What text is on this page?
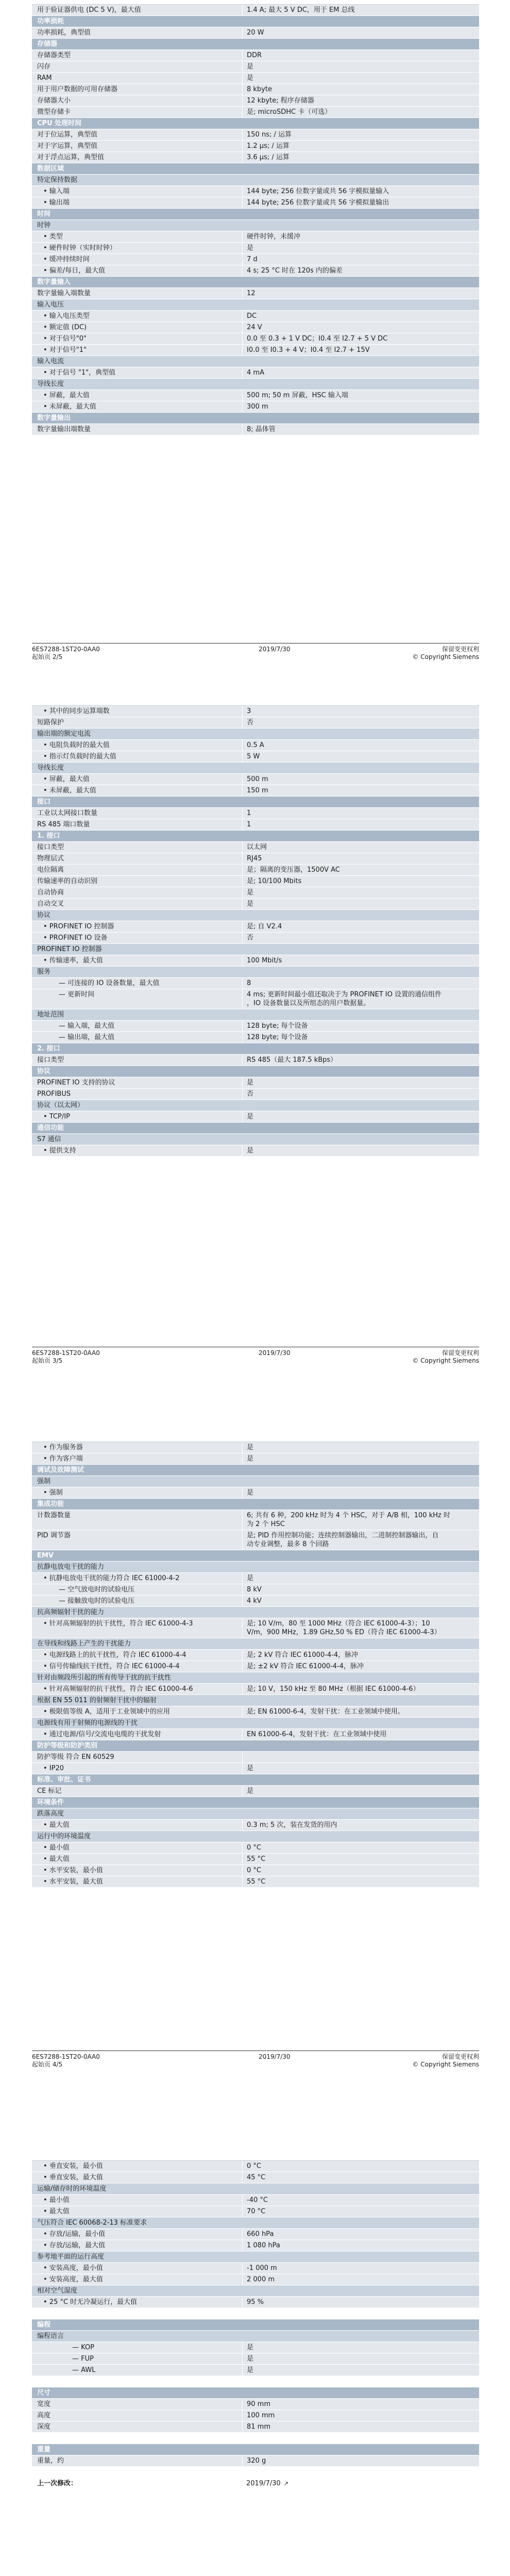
用于验证器供电 (DC 5 V)，最大值	1.4 A; 最大 5 V DC，用于 EM 总线
功率损耗
功率损耗，典型值	20 W
存储器
存储器类型	DDR
闪存	是
RAM	是
用于用户数据的可用存储器	8 kbyte
存储器大小	12 kbyte; 程序存储器
微型存储卡	是; microSDHC 卡（可选）
CPU 处理时间
对于位运算，典型值	150 ns; / 运算
对于字运算，典型值	1.2 µs; / 运算
对于浮点运算，典型值	3.6 µs; / 运算
数据区域
特定保持数据
• 输入端	144 byte; 256 位数字量或共 56 字模拟量输入
• 输出端	144 byte; 256 位数字量或共 56 字模拟量输出
时间
时钟
• 类型	硬件时钟，未缓冲
• 硬件时钟（实时时钟）	是
• 缓冲持续时间	7 d
• 偏差/每日，最大值	4 s; 25 °C 时在 120s 内的偏差
数字量输入
数字量输入端数量	12
输入电压
• 输入电压类型	DC
• 额定值 (DC)	24 V
• 对于信号"0"	0.0 至 0.3 + 1 V DC；I0.4 至 I2.7 + 5 V DC
• 对于信号"1"	I0.0 至 I0.3 + 4 V；I0.4 至 I2.7 + 15V
输入电流
• 对于信号 "1"，典型值	4 mA
导线长度
• 屏蔽，最大值	500 m; 50 m 屏蔽，HSC 输入端
• 未屏蔽，最大值	300 m
数字量输出
数字量输出端数量	8; 晶体管
6ES7288-1ST20-0AA0
起始页 2/5
2019/7/30	保留变更权利
© Copyright Siemens
• 其中的同步运算端数	3
短路保护	否
输出端的额定电流
• 电阻负载时的最大值	0.5 A
• 指示灯负载时的最大值	5 W
导线长度
• 屏蔽，最大值	500 m
• 未屏蔽，最大值	150 m
接口
工业以太网接口数量	1
RS 485 端口数量	1
1. 接口
接口类型	以太网
物理层式	RJ45
电位隔离	是；隔离的变压器，1500V AC
传输速率的自动识别	是; 10/100 Mbits
自动协商	是
自动交叉	是
协议
• PROFINET IO 控制器	是; 自 V2.4
• PROFINET IO 设备	否
PROFINET IO 控制器
• 传输速率，最大值	100 Mbit/s
服务
— 可连接的 IO 设备数量，最大值	8
— 更新时间	4 ms; 更新时间最小值还取决于为 PROFINET IO 设置的通信组件
，IO 设备数量以及所组态的用户数据量。
地址范围
— 输入端，最大值	128 byte; 每个设备
— 输出端，最大值	128 byte; 每个设备
2. 接口
接口类型	RS 485（最大 187.5 kBps）
协议
PROFINET IO 支持的协议	是
PROFIBUS	否
协议（以太网）
• TCP/IP	是
通信功能
S7 通信
• 提供支持	是
6ES7288-1ST20-0AA0
起始页 3/5
2019/7/30	保留变更权利
© Copyright Siemens
• 作为服务器	是
• 作为客户端	是
调试及故障测试
强制
• 强制	是
集成功能
计数器数量	6; 共有 6 种，200 kHz 时为 4 个 HSC，对于 A/B 相，100 kHz 时
为 2 个 HSC
PID 调节器	是; PID 作用控制功能；连续控制器输出，二进制控制器输出，自
动专业调整，最多 8 个回路
EMV
抗静电放电干扰的能力
• 抗静电放电干扰的能力符合 IEC 61000-4-2	是
— 空气放电时的试验电压	8 kV
— 接触放电时的试验电压	4 kV
抗高频辐射干扰的能力
• 针对高频辐射的抗干扰性，符合 IEC 61000-4-3	是; 10 V/m，80 至 1000 MHz（符合 IEC 61000-4-3）；10
V/m，900 MHz，1.89 GHz,50 % ED（符合 IEC 61000-4-3）
在导线和线路上产生的干扰能力
• 电源线路上的抗干扰性，符合 IEC 61000-4-4	是; 2 kV 符合 IEC 61000-4-4，脉冲
• 信号传输线抗干扰性，符合 IEC 61000-4-4	是; ±2 kV 符合 IEC 61000-4-4，脉冲
针对由频段所引起的所有传导干扰的抗干扰性
• 针对高频辐射的抗干扰性，符合 IEC 61000-4-6	是; 10 V，150 kHz 至 80 MHz（根据 IEC 61000-4-6）
根据 EN 55 011 的射频射干扰中的辐射
• 极限值等级 A，适用于工业领域中的应用	是; EN 61000-6-4，发射干扰：在工业领域中使用。
电源线有用于射频的电源线的干扰
• 通过电源/信号/交流电电缆的干扰发射	EN 61000-6-4，发射干扰：在工业领域中使用
防护等级和防护类别
防护等级 符合 EN 60529
• IP20	是
标准、审批、证书
CE 标记	是
环境条件
跌落高度
• 最大值	0.3 m; 5 次，装在发货的用内
运行中的环境温度
• 最小值	0 °C
• 最大值	55 °C
• 水平安装，最小值	0 °C
• 水平安装，最大值	55 °C
6ES7288-1ST20-0AA0
起始页 4/5
2019/7/30	保留变更权利
© Copyright Siemens
• 垂直安装，最小值	0 °C
• 垂直安装，最大值	45 °C
运输/储存时的环境温度
• 最小值	-40 °C
• 最大值	70 °C
气压符合 IEC 60068-2-13 标准要求
• 存放/运输，最小值	660 hPa
• 存放/运输，最大值	1 080 hPa
参考地平面的运行高度
• 安装高度，最小值	-1 000 m
• 安装高度，最大值	2 000 m
相对空气湿度
• 25 °C 时无冷凝运行，最大值	95 %
编程
编程语言
— KOP	是
— FUP	是
— AWL	是
尺寸
宽度	90 mm
高度	100 mm
深度	81 mm
重量
重量，约	320 g
上一次修改：	2019/7/30 ↗
